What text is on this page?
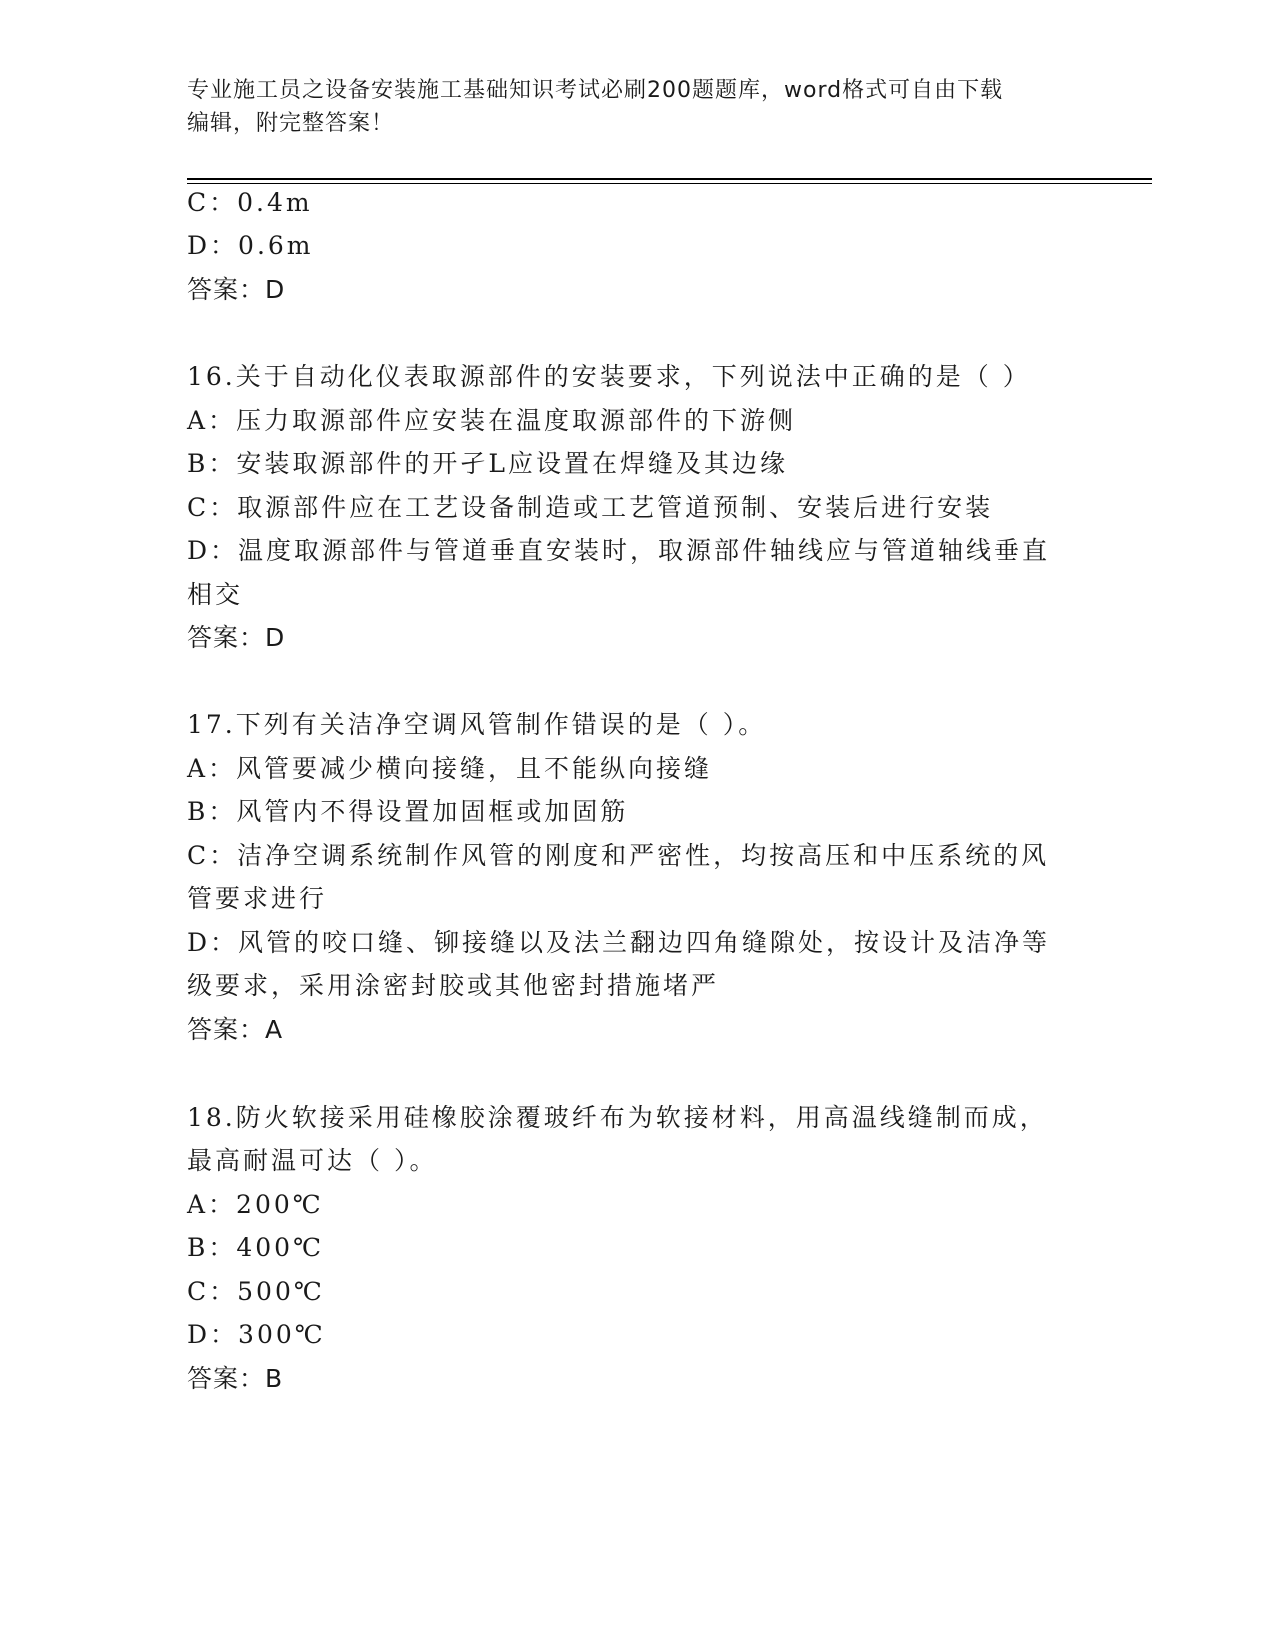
专业施工员之设备安装施工基础知识考试必刷200题题库，word格式可自由下载
编辑，附完整答案！
C：0.4m
D：0.6m
答案：D
16.关于自动化仪表取源部件的安装要求，下列说法中正确的是（ ）
A：压力取源部件应安装在温度取源部件的下游侧
B：安装取源部件的开孑L应设置在焊缝及其边缘
C：取源部件应在工艺设备制造或工艺管道预制、安装后进行安装
D：温度取源部件与管道垂直安装时，取源部件轴线应与管道轴线垂直
相交
答案：D
17.下列有关洁净空调风管制作错误的是（ ）。
A：风管要减少横向接缝，且不能纵向接缝
B：风管内不得设置加固框或加固筋
C：洁净空调系统制作风管的刚度和严密性，均按高压和中压系统的风
管要求进行
D：风管的咬口缝、铆接缝以及法兰翻边四角缝隙处，按设计及洁净等
级要求，采用涂密封胶或其他密封措施堵严
答案：A
18.防火软接采用硅橡胶涂覆玻纤布为软接材料，用高温线缝制而成，
最高耐温可达（ ）。
A：200℃
B：400℃
C：500℃
D：300℃
答案：B
